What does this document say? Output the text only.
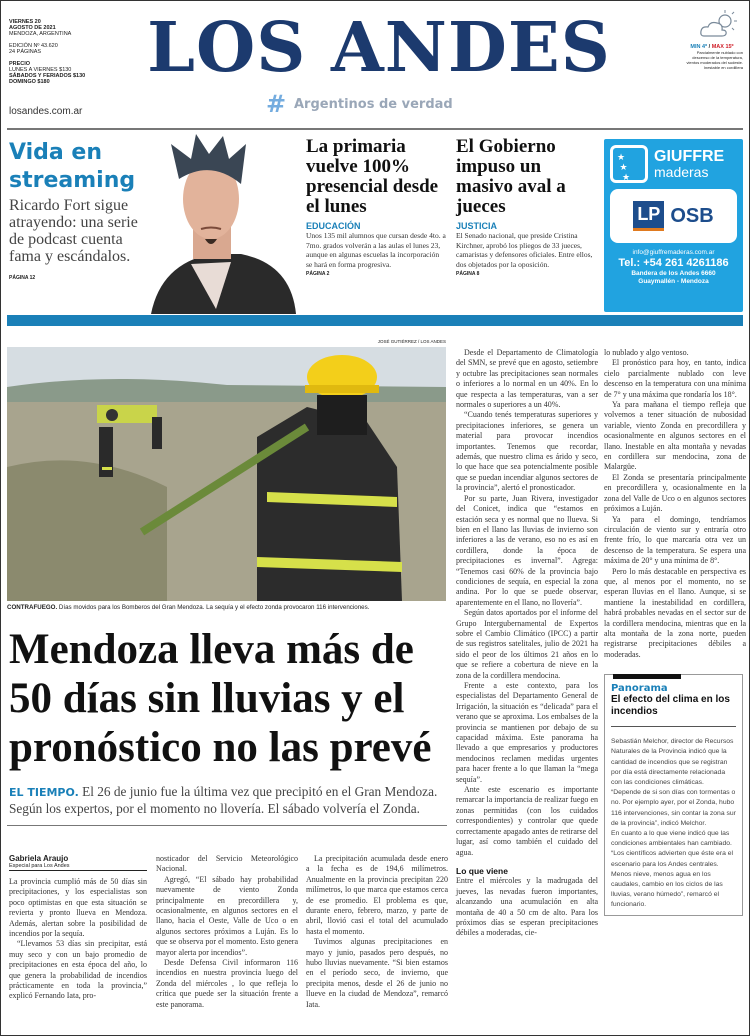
VIERNES 20
AGOSTO DE 2021
MENDOZA, ARGENTINA
EDICIÓN Nº 43.620
24 PÁGINAS
PRECIO
LUNES A VIERNES $130
SÁBADOS Y FERIADOS $130
DOMINGO $180
losandes.com.ar
LOS ANDES
# Argentinos de verdad
MIN 4º / MAX 15º
Parcialmente nublado con descenso de la temperatura, vientos moderados del sudeste. Inestable en cordillera
Vida en streaming
Ricardo Fort sigue atrayendo: una serie de podcast cuenta fama y escándalos.
PÁGINA 12
La primaria vuelve 100% presencial desde el lunes
EDUCACIÓN
Unos 135 mil alumnos que cursan desde 4to. a 7mo. grados volverán a las aulas el lunes 23, aunque en algunas escuelas la incorporación se hará en forma progresiva.
PÁGINA 2
El Gobierno impuso un masivo aval a jueces
JUSTICIA
El Senado nacional, que preside Cristina Kirchner, aprobó los pliegos de 33 jueces, camaristas y defensores oficiales. Entre ellos, dos objetados por la oposición.
PÁGINA 8
★
★
★
GIUFFRE
maderas
LP OSB
info@giuffremaderas.com.ar
Tel.: +54 261 4261186
Bandera de los Andes 6660
Guaymallén - Mendoza
JOSÉ GUTIÉRREZ / LOS ANDES
CONTRAFUEGO. Días movidos para los Bomberos del Gran Mendoza. La sequía y el efecto zonda provocaron 116 intervenciones.
Mendoza lleva más de 50 días sin lluvias y el pronóstico no las prevé
EL TIEMPO. El 26 de junio fue la última vez que precipitó en el Gran Mendoza. Según los expertos, por el momento no llovería. El sábado volvería el Zonda.
Gabriela Araujo
Especial para Los Andes

La provincia cumplió más de 50 días sin precipitaciones, y los especialistas son poco optimistas en que esta situación se revierta y pronto llueva en Mendoza. Además, alertan sobre la posibilidad de incendios por la sequía.

“Llevamos 53 días sin precipitar, está muy seco y con un bajo promedio de precipitaciones en esta época del año, lo que genera la probabilidad de incendios prácticamente en toda la provincia,” explicó Fernando Iata, pro-

nosticador del Servicio Meteorológico Nacional.

Agregó, “El sábado hay probabilidad nuevamente de viento Zonda principalmente en precordillera y, ocasionalmente, en algunos sectores en el llano, hacia el Oeste, Valle de Uco o en algunos sectores próximos a Luján. Es lo que se observa por el momento. Esto genera mayor alerta por incendios”.

Desde Defensa Civil informaron 116 incendios en nuestra provincia luego del Zonda del miércoles , lo que refleja lo crítica que puede ser la situación frente a este panorama.

La precipitación acumulada desde enero a la fecha es de 194,6 milímetros. Anualmente en la provincia precipitan 220 milímetros, lo que marca que estamos cerca de ese promedio. El problema es que, durante enero, febrero, marzo, y parte de abril, llovió casi el total del acumulado hasta el momento.

Tuvimos algunas precipitaciones en mayo y junio, pasados pero después, no hubo lluvias nuevamente. “Si bien estamos en el período seco, de invierno, que precipita menos, desde el 26 de junio no llueve en la ciudad de Mendoza”, remarcó Iata.

Desde el Departamento de Climatología del SMN, se prevé que en agosto, setiembre y octubre las precipitaciones sean normales o inferiores a lo normal en un 40%. En lo que respecta a las temperaturas, van a ser normales o superiores a un 40%.

“Cuando tenés temperaturas superiores y precipitaciones inferiores, se genera un material para provocar incendios importantes. Tenemos que recordar, además, que nuestro clima es árido y seco, lo que hace que sea potencialmente posible que se puedan incendiar algunos sectores de la provincia”, alertó el pronosticador.

Por su parte, Juan Rivera, investigador del Conicet, indica que “estamos en estación seca y es normal que no llueva. Si bien en el llano las lluvias de invierno son inferiores a las de verano, eso no es así en cordillera, donde la época de precipitaciones es invernal”. Agrega: “Tenemos casi 60% de la provincia bajo condiciones de sequía, en especial la zona andina. Por lo que se puede observar, aparentemente en el llano, no llovería”.

Según datos aportados por el informe del Grupo Intergubernamental de Expertos sobre el Cambio Climático (IPCC) a partir de sus registros satelitales, julio de 2021 ha sido el peor de los últimos 21 años en lo que se refiere a cobertura de nieve en la zona de la cordillera mendocina.

Frente a este contexto, para los especialistas del Departamento General de Irrigación, la situación es “delicada” para el verano que se aproxima. Los embalses de la provincia se mantienen por debajo de su capacidad máxima. Este panorama ha llevado a que empresarios y productores mendocinos reclamen medidas urgentes para hacer frente a lo que llaman la “mega sequía”.

Ante este escenario es importante remarcar la importancia de realizar fuego en zonas permitidas (con los cuidados correspondientes) y controlar que quede correctamente apagado antes de retirarse del lugar, así como también el cuidado del agua.

Lo que viene

Entre el miércoles y la madrugada del jueves, las nevadas fueron importantes, alcanzando una acumulación en alta montaña de 40 a 50 cm de alto. Para los próximos días se esperan precipitaciones débiles a moderadas, cie-

lo nublado y algo ventoso.

El pronóstico para hoy, en tanto, indica cielo parcialmente nublado con leve descenso en la temperatura con una mínima de 7° y una máxima que rondaría los 18°.

Ya para mañana el tiempo refleja que volvemos a tener situación de nubosidad variable, viento Zonda en precordillera y ocasionalmente en algunos sectores en el llano. Inestable en alta montaña y nevadas en cordillera sur mendocina, zona de Malargüe.

El Zonda se presentaría principalmente en precordillera y, ocasionalmente en la zona del Valle de Uco o en algunos sectores próximos a Luján.

Ya para el domingo, tendríamos circulación de viento sur y entraría otro frente frío, lo que marcaría otra vez un descenso de la temperatura. Se espera una máxima de 20° y una mínima de 8°.

Pero lo más destacable en perspectiva es que, al menos por el momento, no se esperan lluvias en el llano. Aunque, si se mantiene la inestabilidad en cordillera, habrá probables nevadas en el sector sur de la cordillera mendocina, mientras que en la alta montaña de la zona norte, pueden registrarse precipitaciones débiles a moderadas.

Panorama
El efecto del clima en los incendios

Sebastián Melchor, director de Recursos Naturales de la Provincia indicó que la cantidad de incendios que se registran por día está directamente relacionada con las condiciones climáticas.

“Depende de si son días con tormentas o no. Por ejemplo ayer, por el Zonda, hubo 116 intervenciones, sin contar la zona sur de la provincia”, indicó Melchor.

En cuanto a lo que viene indicó que las condiciones ambientales han cambiado. “Los científicos advierten que éste era el escenario para los Andes centrales. Menos nieve, menos agua en los caudales, cambio en los ciclos de las lluvias, verano húmedo”, remarcó el funcionario.
